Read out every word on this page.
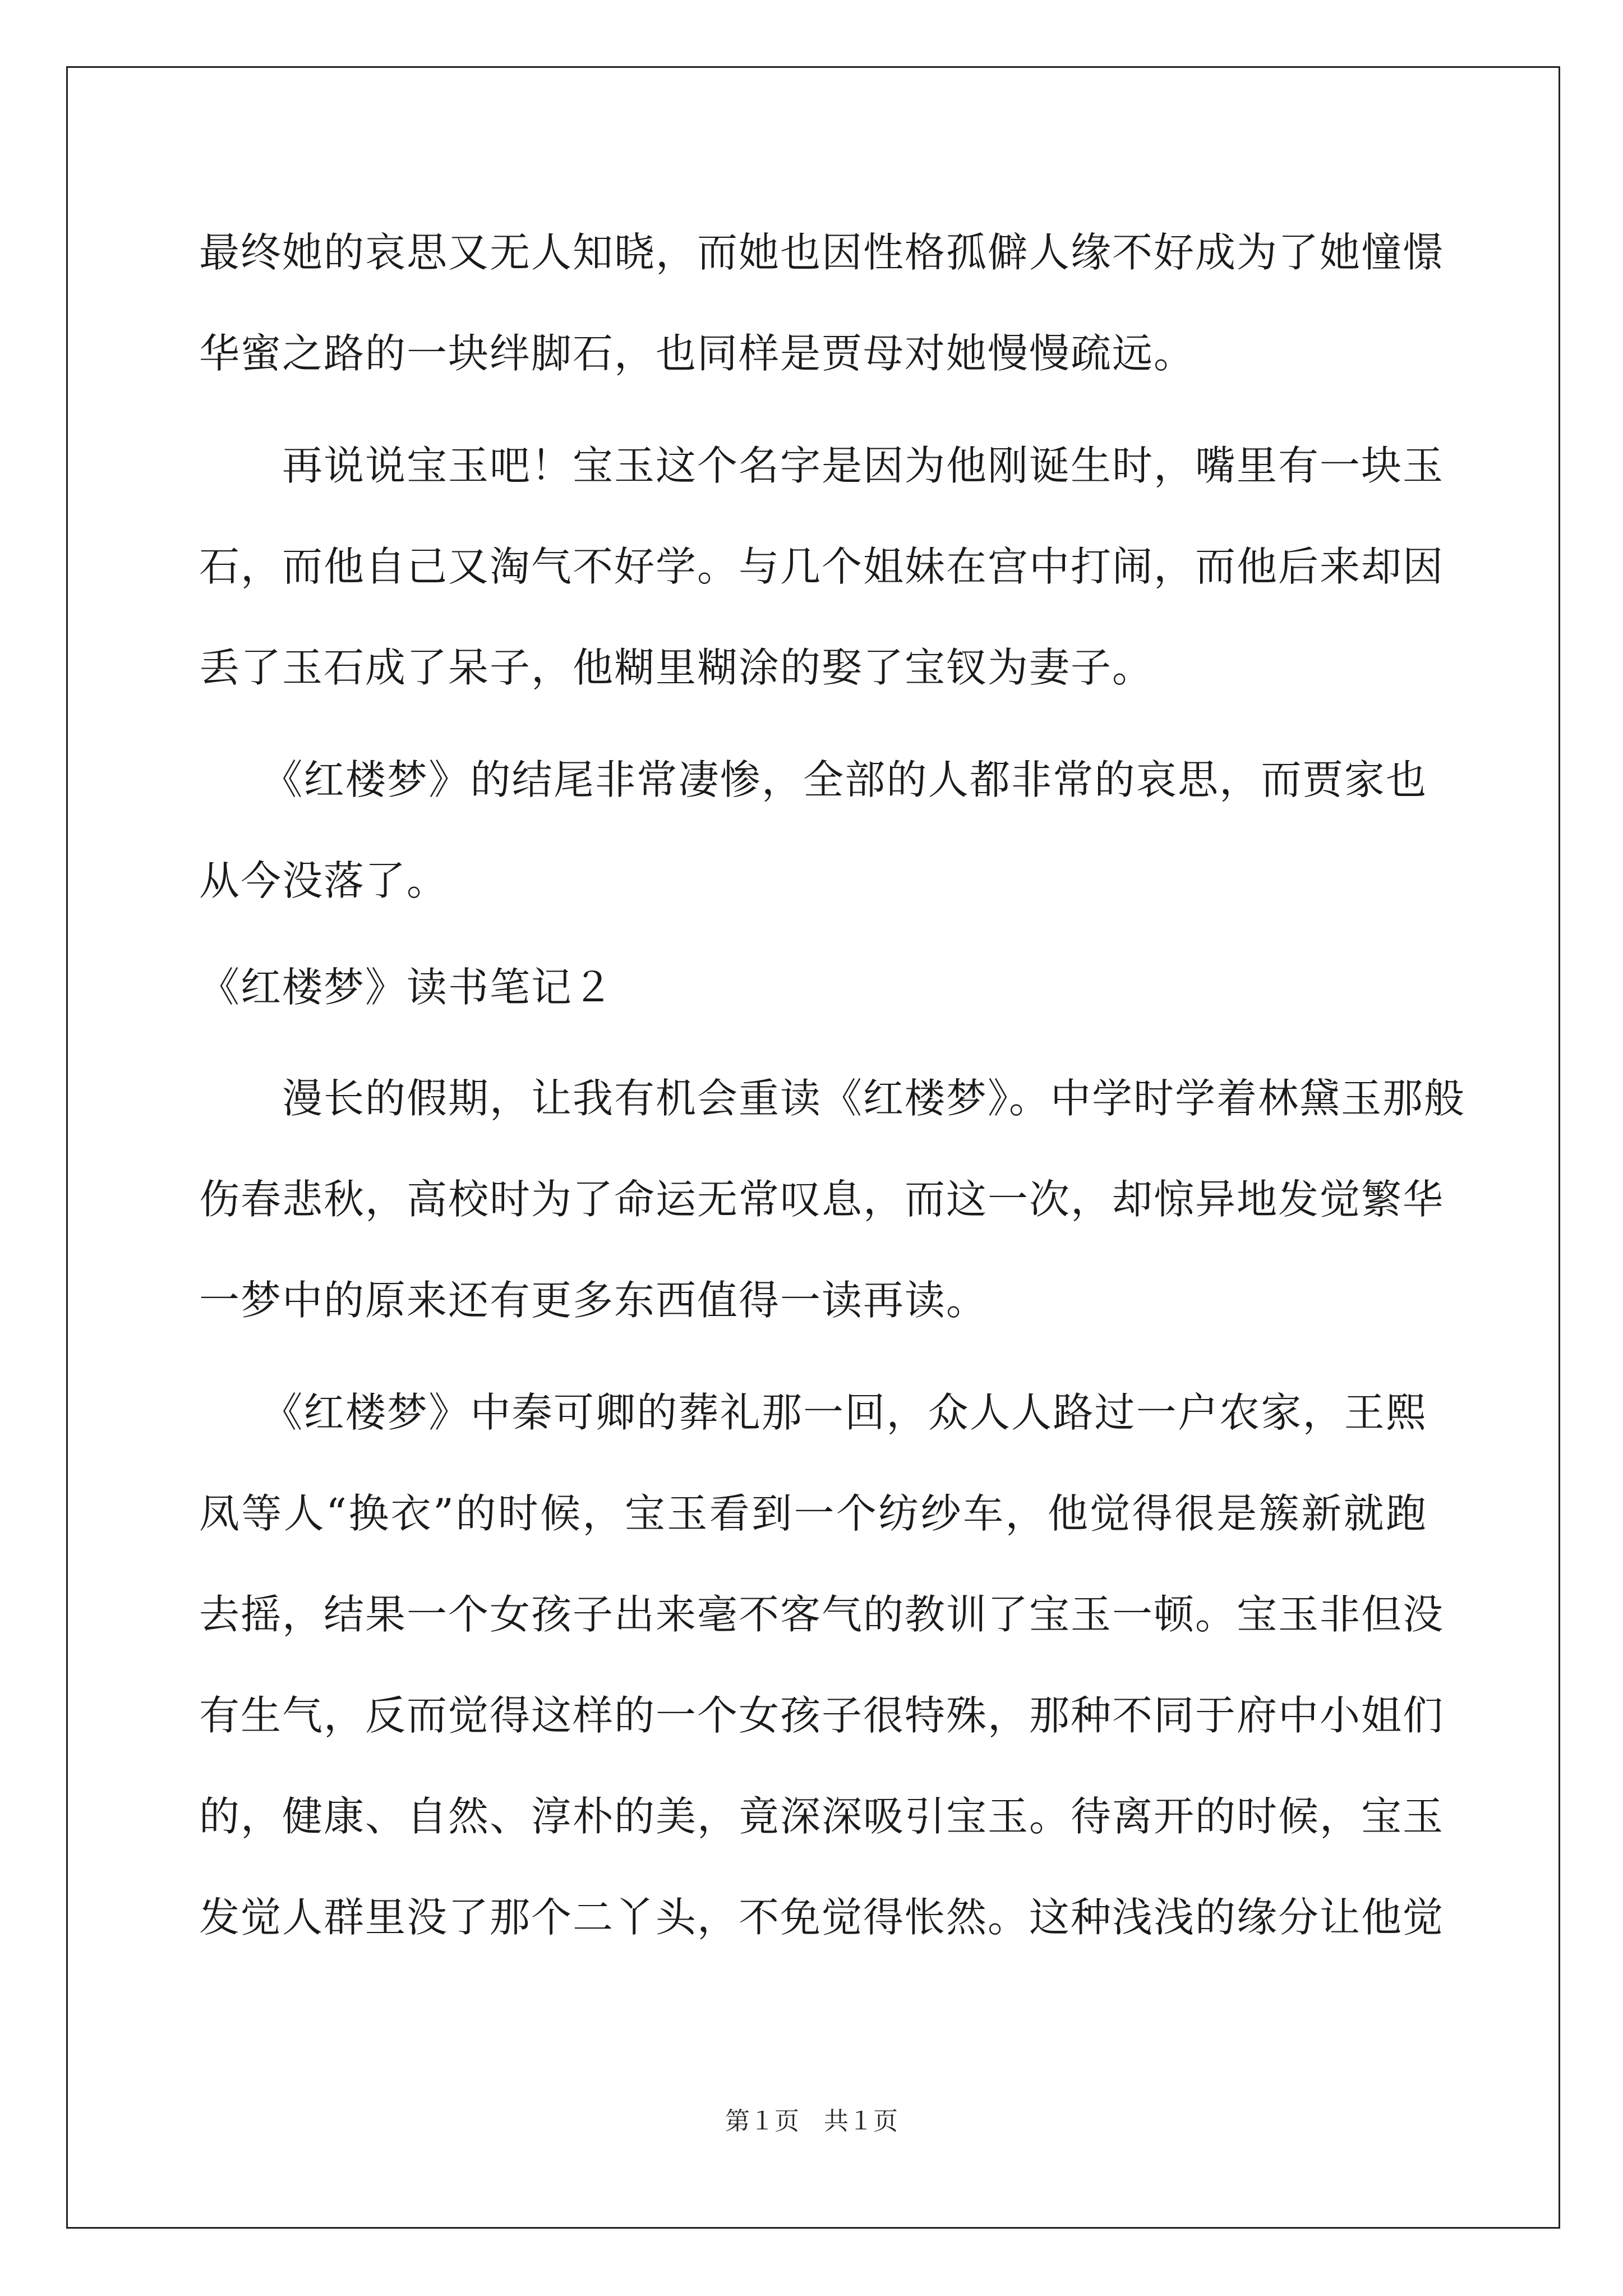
最终她的哀思又无人知晓，而她也因性格孤僻人缘不好成为了她憧憬
华蜜之路的一块绊脚石，也同样是贾母对她慢慢疏远。
　　再说说宝玉吧！宝玉这个名字是因为他刚诞生时，嘴里有一块玉
石，而他自己又淘气不好学。与几个姐妹在宫中打闹，而他后来却因
丢了玉石成了呆子，他糊里糊涂的娶了宝钗为妻子。
　　《红楼梦》的结尾非常凄惨，全部的人都非常的哀思，而贾家也
从今没落了。
《红楼梦》读书笔记２
　　漫长的假期，让我有机会重读《红楼梦》。中学时学着林黛玉那般
伤春悲秋，高校时为了命运无常叹息，而这一次，却惊异地发觉繁华
一梦中的原来还有更多东西值得一读再读。
　　《红楼梦》中秦可卿的葬礼那一回，众人人路过一户农家，王熙
凤等人“换衣”的时候，宝玉看到一个纺纱车，他觉得很是簇新就跑
去摇，结果一个女孩子出来毫不客气的教训了宝玉一顿。宝玉非但没
有生气，反而觉得这样的一个女孩子很特殊，那种不同于府中小姐们
的，健康、自然、淳朴的美，竟深深吸引宝玉。待离开的时候，宝玉
发觉人群里没了那个二丫头，不免觉得怅然。这种浅浅的缘分让他觉
第１页　共１页
